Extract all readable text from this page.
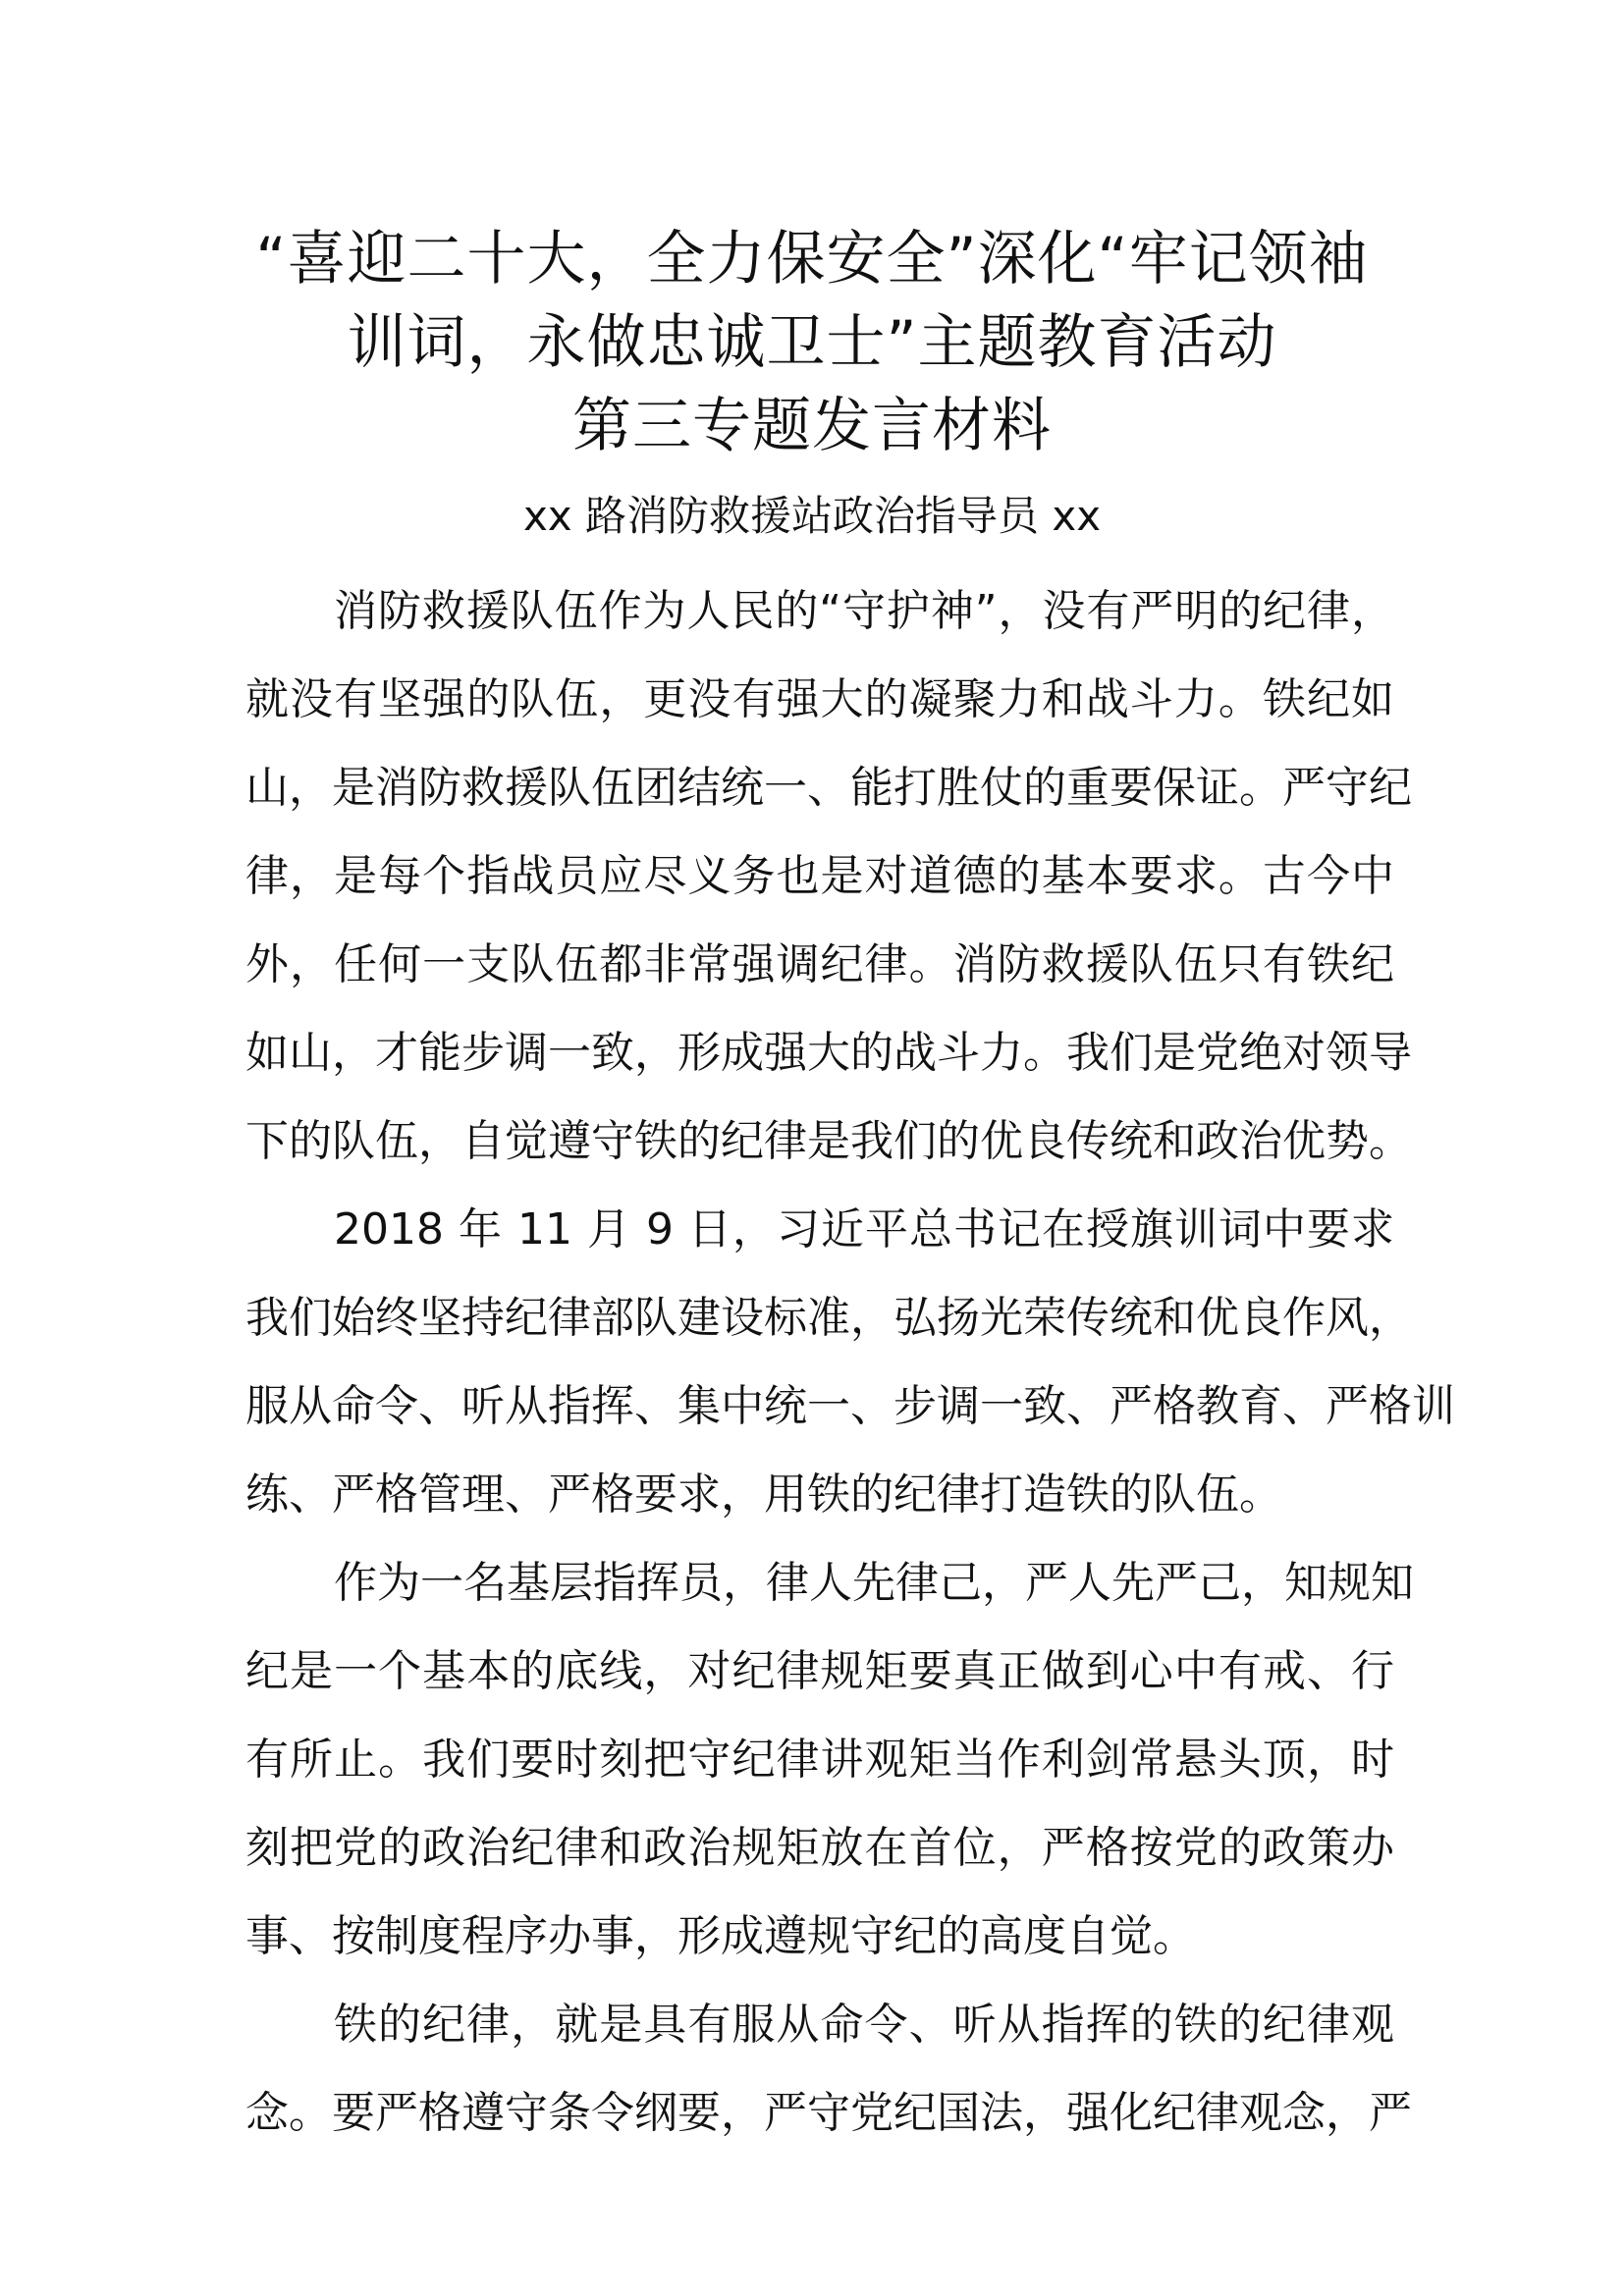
“喜迎二十大，全力保安全”深化“牢记领袖
训词，永做忠诚卫士”主题教育活动
第三专题发言材料
xx 路消防救援站政治指导员 xx
消防救援队伍作为人民的“守护神”，没有严明的纪律，
就没有坚强的队伍，更没有强大的凝聚力和战斗力。铁纪如
山，是消防救援队伍团结统一、能打胜仗的重要保证。严守纪
律，是每个指战员应尽义务也是对道德的基本要求。古今中
外，任何一支队伍都非常强调纪律。消防救援队伍只有铁纪
如山，才能步调一致，形成强大的战斗力。我们是党绝对领导
下的队伍，自觉遵守铁的纪律是我们的优良传统和政治优势。
2018 年 11 月 9 日，习近平总书记在授旗训词中要求
我们始终坚持纪律部队建设标准，弘扬光荣传统和优良作风，
服从命令、听从指挥、集中统一、步调一致、严格教育、严格训
练、严格管理、严格要求，用铁的纪律打造铁的队伍。
作为一名基层指挥员，律人先律己，严人先严己，知规知
纪是一个基本的底线，对纪律规矩要真正做到心中有戒、行
有所止。我们要时刻把守纪律讲观矩当作利剑常悬头顶，时
刻把党的政治纪律和政治规矩放在首位，严格按党的政策办
事、按制度程序办事，形成遵规守纪的高度自觉。
铁的纪律，就是具有服从命令、听从指挥的铁的纪律观
念。要严格遵守条令纲要，严守党纪国法，强化纪律观念，严
